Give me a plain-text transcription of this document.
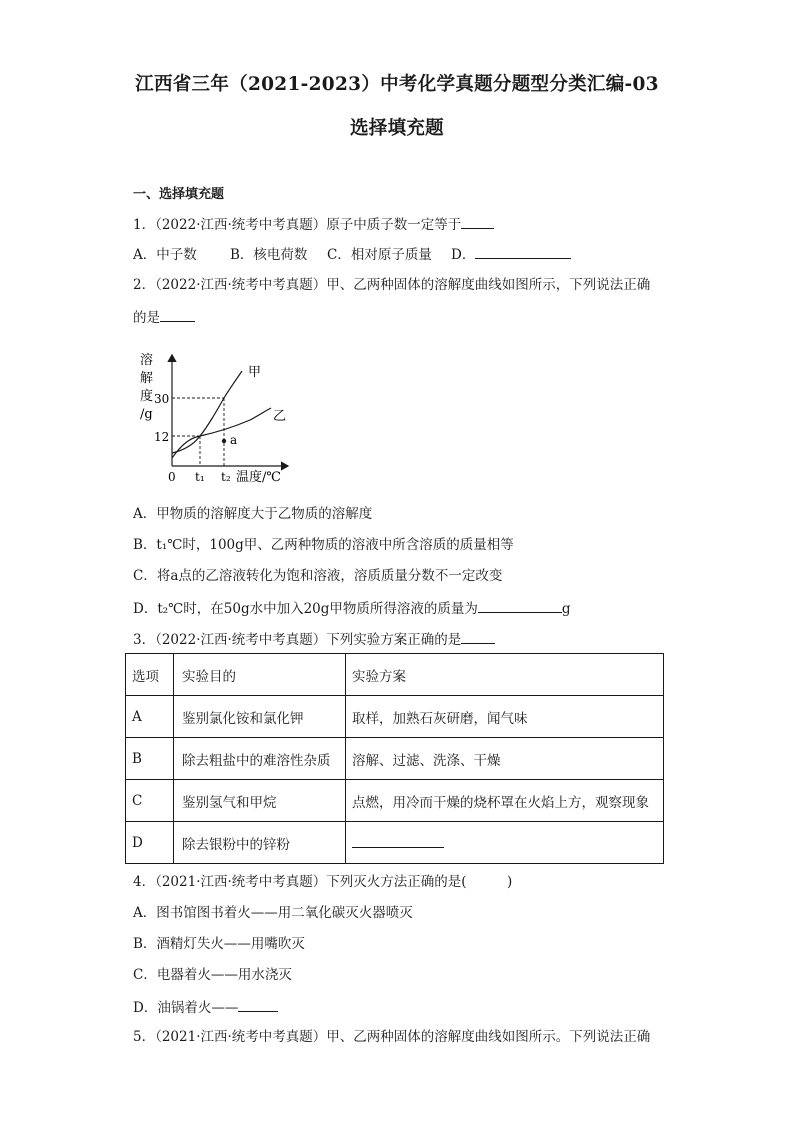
江西省三年（2021-2023）中考化学真题分题型分类汇编-03
选择填充题
一、选择填充题
1．（2022·江西·统考中考真题）原子中质子数一定等于
A．中子数 B．核电荷数 C．相对原子质量 D．
2．（2022·江西·统考中考真题）甲、乙两种固体的溶解度曲线如图所示，下列说法正确
的是
溶
解
度
/g
30
12
0 t₁ t₂ 温度/℃
甲
乙
a
A．甲物质的溶解度大于乙物质的溶解度
B．t₁℃时，100g甲、乙两种物质的溶液中所含溶质的质量相等
C．将a点的乙溶液转化为饱和溶液，溶质质量分数不一定改变
D．t₂℃时，在50g水中加入20g甲物质所得溶液的质量为	g
3．（2022·江西·统考中考真题）下列实验方案正确的是
选项	实验目的	实验方案
A	鉴别氯化铵和氯化钾	取样，加熟石灰研磨，闻气味
B	除去粗盐中的难溶性杂质	溶解、过滤、洗涤、干燥
C	鉴别氢气和甲烷	点燃，用冷而干燥的烧杯罩在火焰上方，观察现象
D	除去银粉中的锌粉	
4．（2021·江西·统考中考真题）下列灭火方法正确的是(　　　)
A．图书馆图书着火——用二氧化碳灭火器喷灭
B．酒精灯失火——用嘴吹灭
C．电器着火——用水浇灭
D．油锅着火——
5．（2021·江西·统考中考真题）甲、乙两种固体的溶解度曲线如图所示。下列说法正确
